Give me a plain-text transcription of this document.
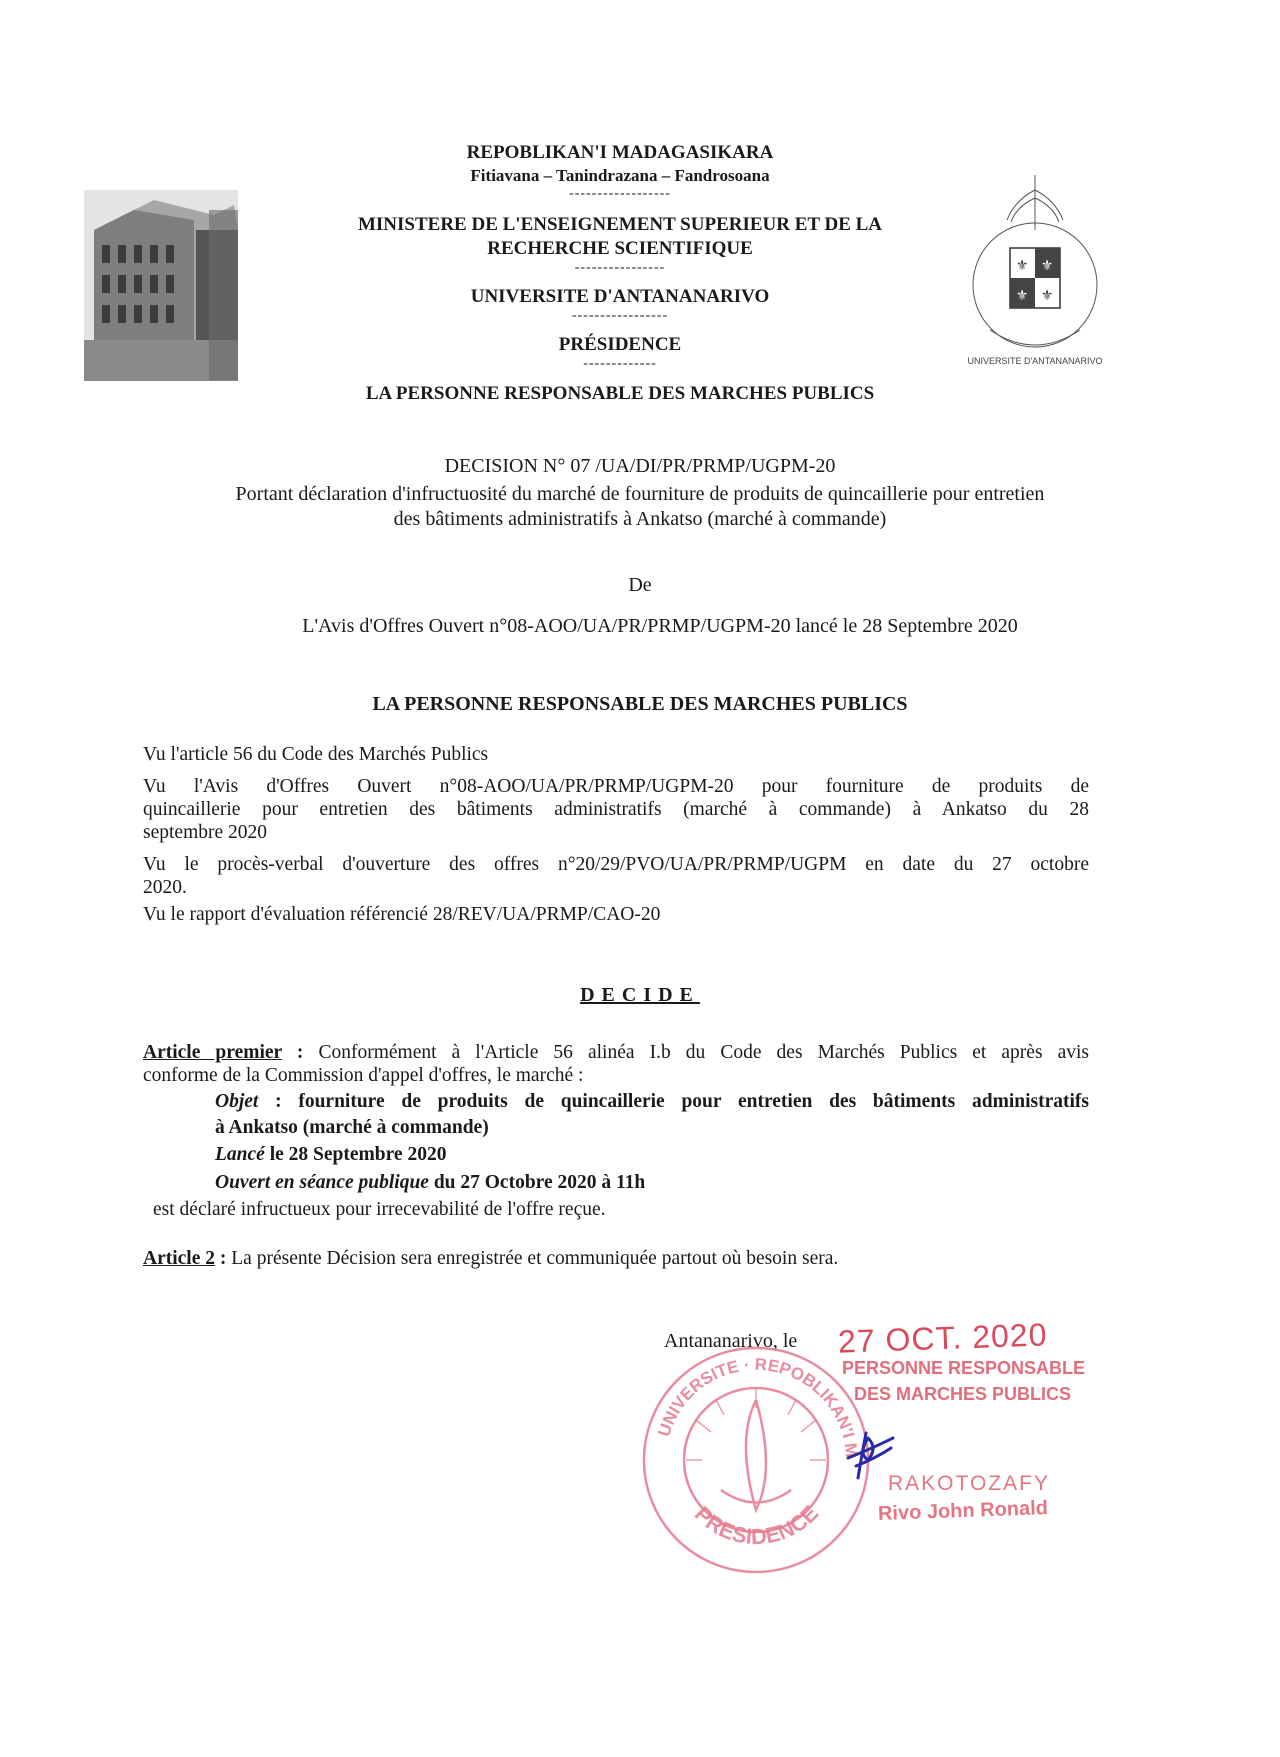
REPOBLIKAN'I MADAGASIKARA
Fitiavana – Tanindrazana – Fandrosoana
------------------
MINISTERE DE L'ENSEIGNEMENT SUPERIEUR ET DE LA
RECHERCHE SCIENTIFIQUE
----------------
UNIVERSITE D'ANTANANARIVO
-----------------
PRÉSIDENCE
-------------
LA PERSONNE RESPONSABLE DES MARCHES PUBLICS
⚜
⚜
⚜
⚜
UNIVERSITE D'ANTANANARIVO
DECISION N° 07 /UA/DI/PR/PRMP/UGPM-20
Portant déclaration d'infructuosité du marché de fourniture de produits de quincaillerie pour entretien
des bâtiments administratifs à Ankatso (marché à commande)
De
L'Avis d'Offres Ouvert n°08-AOO/UA/PR/PRMP/UGPM-20 lancé le 28 Septembre 2020
LA PERSONNE RESPONSABLE DES MARCHES PUBLICS
Vu l'article 56 du Code des Marchés Publics
Vu l'Avis d'Offres Ouvert n°08-AOO/UA/PR/PRMP/UGPM-20 pour fourniture de produits de
quincaillerie pour entretien des bâtiments administratifs (marché à commande) à Ankatso du 28
septembre 2020
Vu le procès-verbal d'ouverture des offres n°20/29/PVO/UA/PR/PRMP/UGPM en date du 27 octobre
2020.
Vu le rapport d'évaluation référencié 28/REV/UA/PRMP/CAO-20
DECIDE
Article premier : Conformément à l'Article 56 alinéa I.b du Code des Marchés Publics et après avis
conforme de la Commission d'appel d'offres, le marché :
Objet : fourniture de produits de quincaillerie pour entretien des bâtiments administratifs
à Ankatso (marché à commande)
Lancé le 28 Septembre 2020
Ouvert en séance publique du 27 Octobre 2020 à 11h
est déclaré infructueux pour irrecevabilité de l'offre reçue.
Article 2 : La présente Décision sera enregistrée et communiquée partout où besoin sera.
Antananarivo, le
UNIVERSITE · REPOBLIKAN'I M
PRESIDENCE
27 OCT. 2020
PERSONNE RESPONSABLE
DES MARCHES PUBLICS
RAKOTOZAFY
Rivo John Ronald
